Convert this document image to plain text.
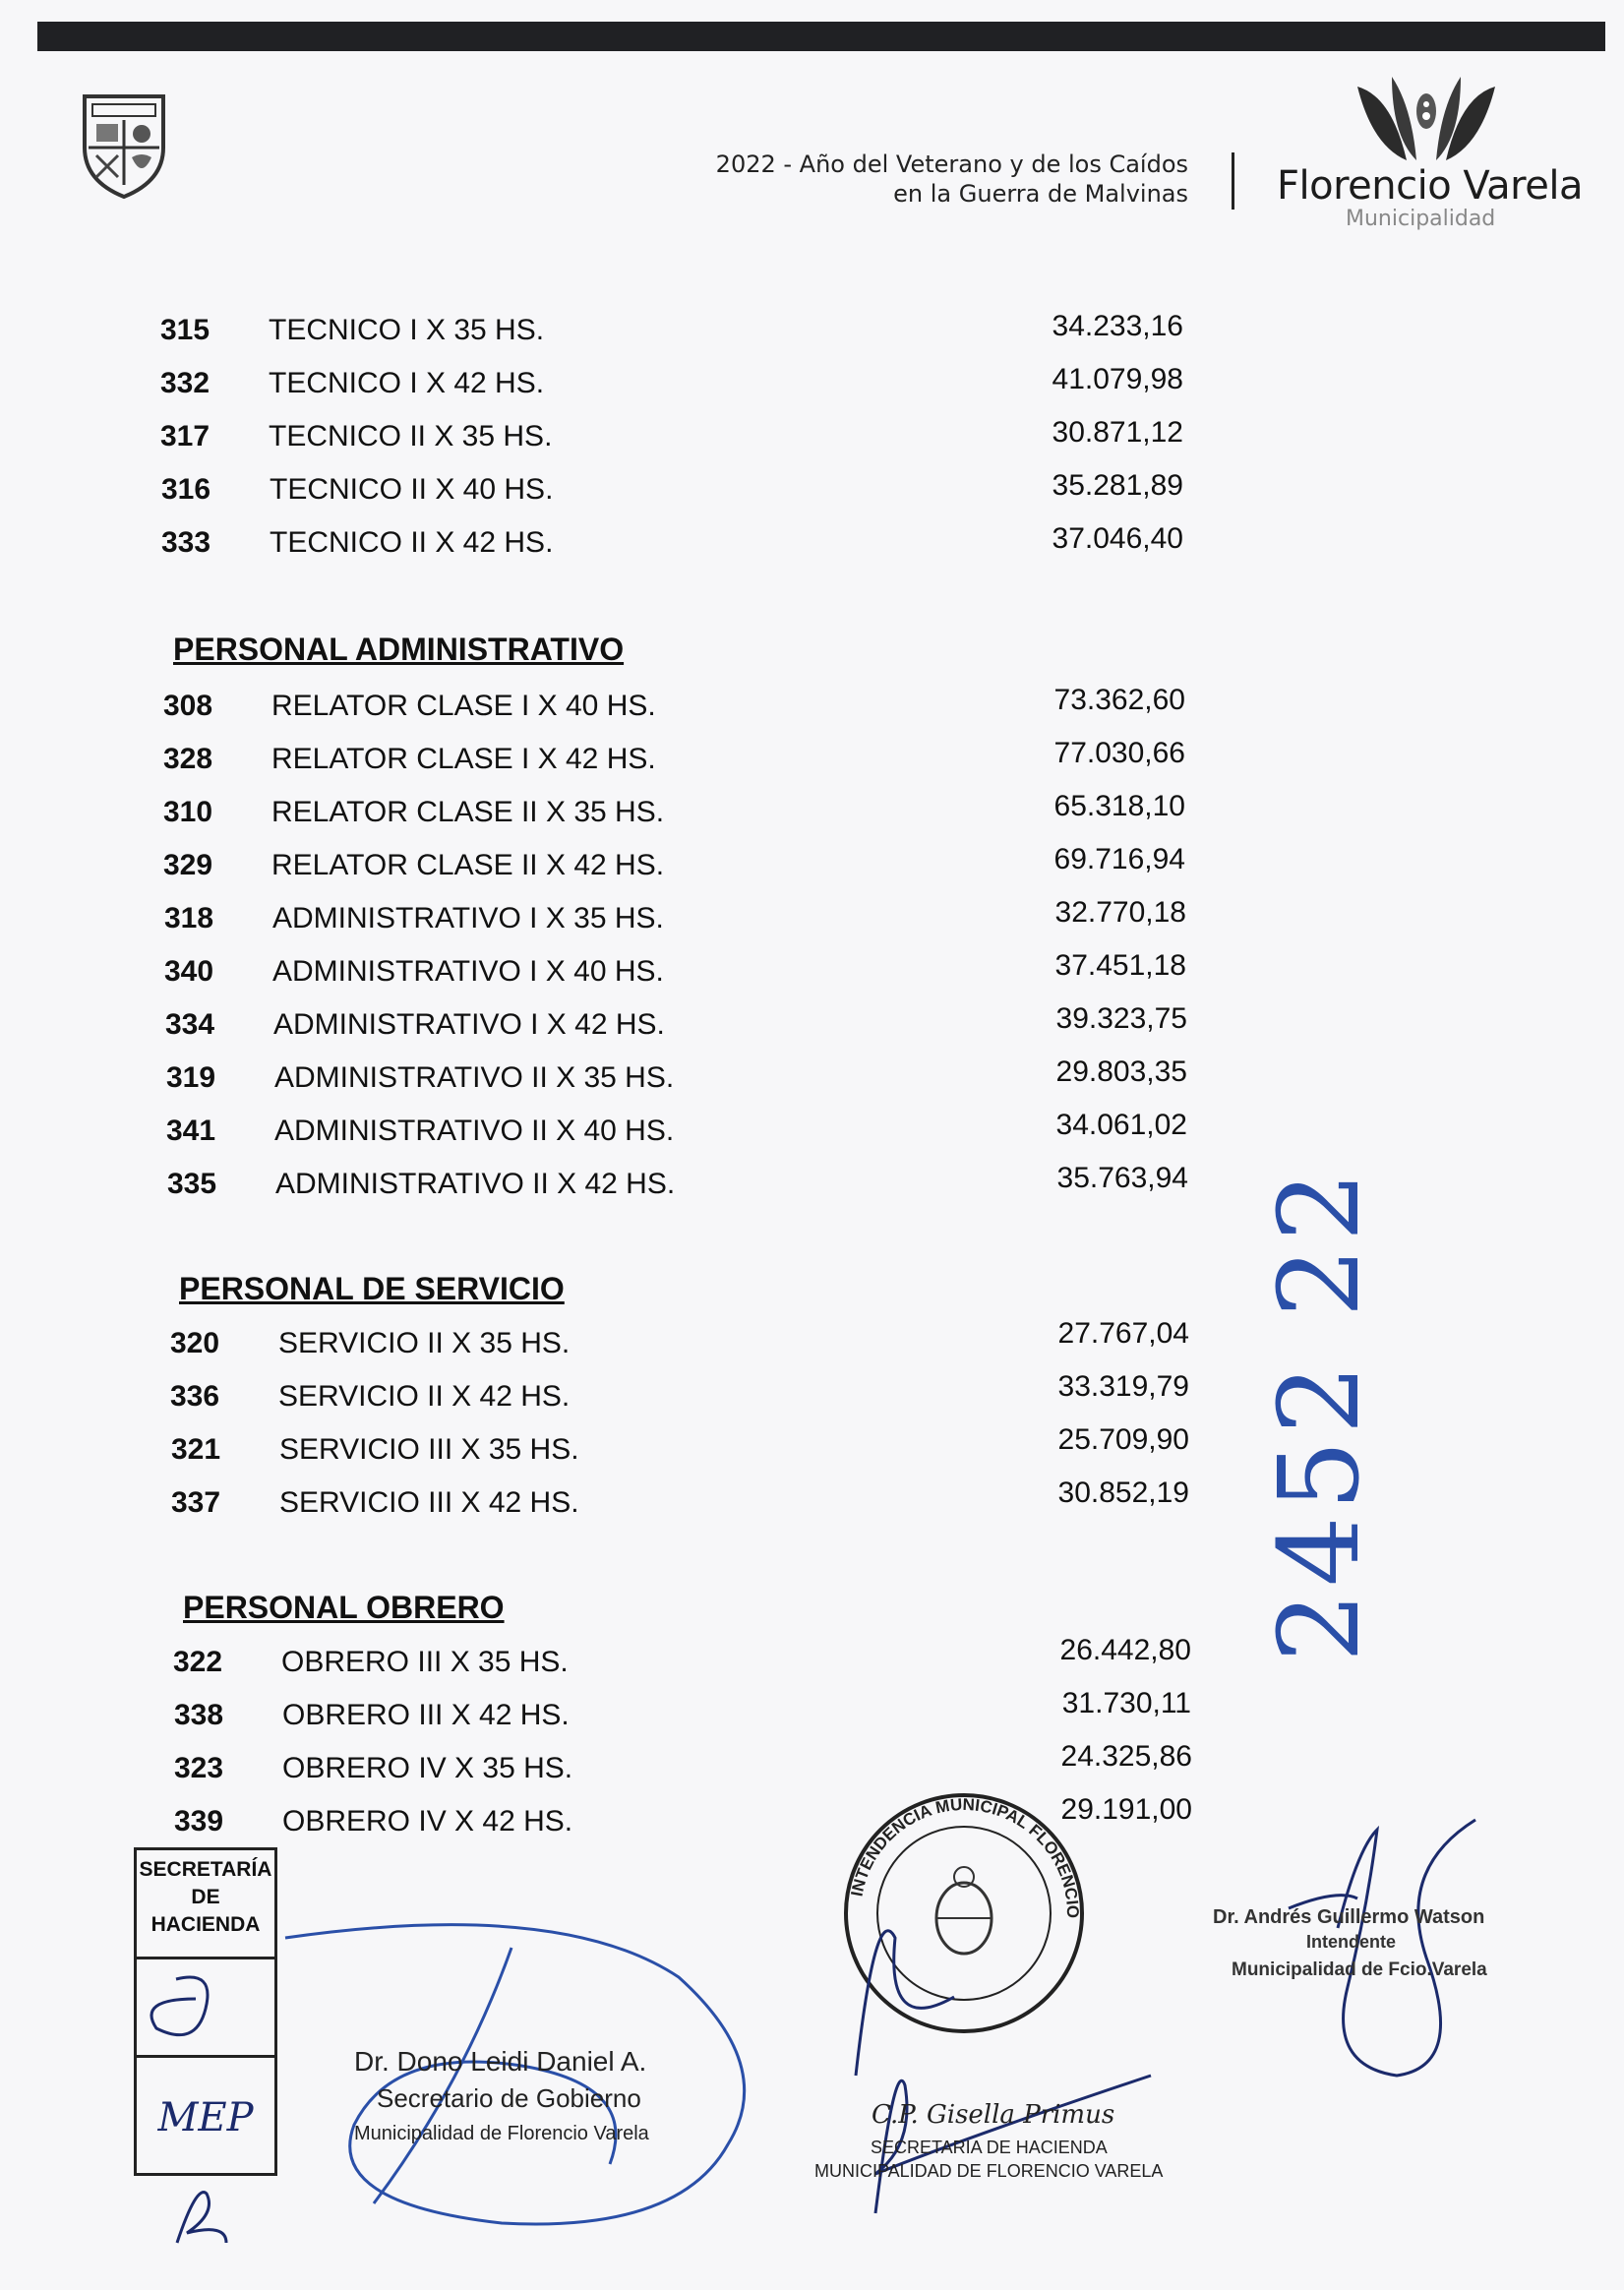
2022 - Año del Veterano y de los Caídos
en la Guerra de Malvinas Florencio Varela
Municipalidad
315 TECNICO I X 35 HS.	34.233,16
332 TECNICO I X 42 HS.	41.079,98
317 TECNICO II X 35 HS.	30.871,12
316 TECNICO II X 40 HS.	35.281,89
333 TECNICO II X 42 HS.	37.046,40
PERSONAL ADMINISTRATIVO
308 RELATOR CLASE I X 40 HS.	73.362,60
328 RELATOR CLASE I X 42 HS.	77.030,66
310 RELATOR CLASE II X 35 HS.	65.318,10
329 RELATOR CLASE II X 42 HS.	69.716,94
318 ADMINISTRATIVO I X 35 HS.	32.770,18
340 ADMINISTRATIVO I X 40 HS.	37.451,18
334 ADMINISTRATIVO I X 42 HS.	39.323,75
319 ADMINISTRATIVO II X 35 HS.	29.803,35
341 ADMINISTRATIVO II X 40 HS.	34.061,02
335 ADMINISTRATIVO II X 42 HS.	35.763,94
PERSONAL DE SERVICIO
320 SERVICIO II X 35 HS.	27.767,04
336 SERVICIO II X 42 HS.	33.319,79
321 SERVICIO III X 35 HS.	25.709,90
337 SERVICIO III X 42 HS.	30.852,19
PERSONAL OBRERO
322 OBRERO III X 35 HS.	26.442,80
338 OBRERO III X 42 HS.	31.730,11
323 OBRERO IV X 35 HS.	24.325,86
339 OBRERO IV X 42 HS.	29.191,00
2452 22
SECRETARÍA
DE
HACIENDA
MEP
Dr. Dono Leidi Daniel A.
Secretario de Gobierno
Municipalidad de Florencio Varela
INTENDENCIA MUNICIPAL FLORENCIO VARELA
C.P. Gisella Primus
SECRETARIA DE HACIENDA
MUNICIPALIDAD DE FLORENCIO VARELA
Dr. Andrés Guillermo Watson
Intendente
Municipalidad de Fcio.Varela
